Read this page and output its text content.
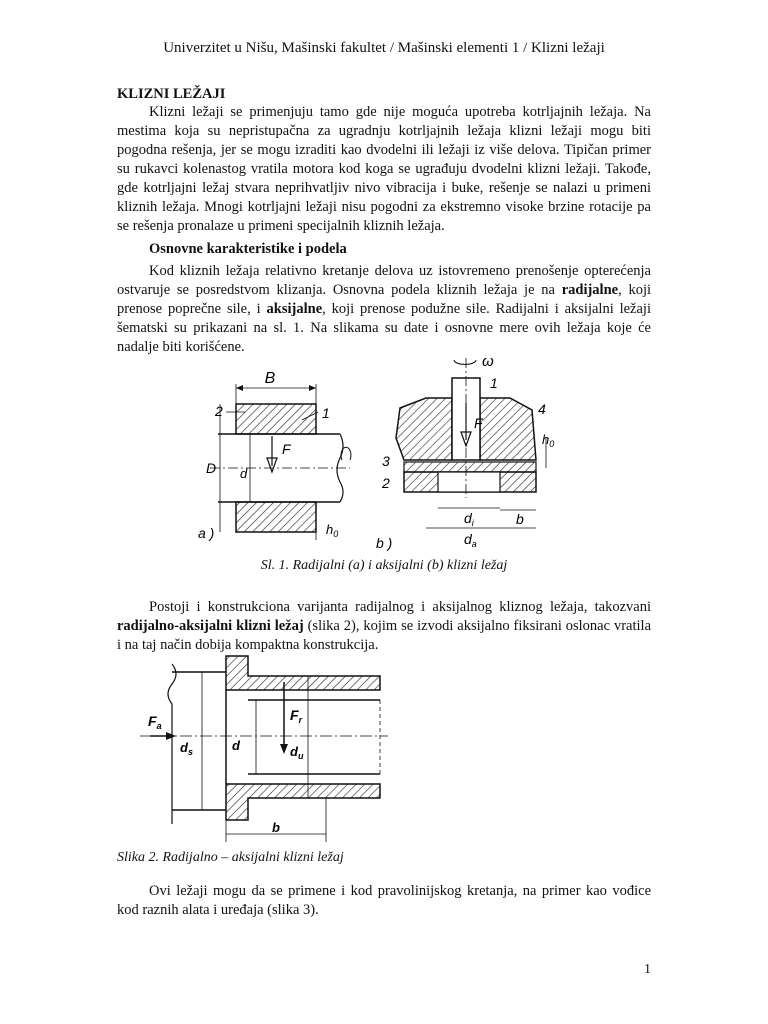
Univerzitet u Nišu, Mašinski fakultet / Mašinski elementi 1 / Klizni ležaji
KLIZNI LEŽAJI

Klizni ležaji se primenjuju tamo gde nije moguća upotreba kotrljajnih ležaja. Na mestima koja su nepristupačna za ugradnju kotrljajnih ležaja klizni ležaji mogu biti pogodna rešenja, jer se mogu izraditi kao dvodelni ili ležaji iz više delova. Tipičan primer su rukavci kolenastog vratila motora kod koga se ugrađuju dvodelni klizni ležaji. Takođe, gde kotrljajni ležaj stvara neprihvatljiv nivo vibracija i buke, rešenje se nalazi u primeni kliznih ležaja. Mnogi kotrljajni ležaji nisu pogodni za ekstremno visoke brzine rotacije pa se rešenja pronalaze u primeni specijalnih kliznih ležaja.

Osnovne karakteristike i podela

Kod kliznih ležaja relativno kretanje delova uz istovremeno prenošenje opterećenja ostvaruje se posredstvom klizanja. Osnovna podela kliznih ležaja je na radijalne, koji prenose poprečne sile, i aksijalne, koji prenose podužne sile. Radijalni i aksijalni ležaji šematski su prikazani na sl. 1. Na slikama su date i osnovne mere ovih ležaja koje će nadalje biti korišćene.

B
2	1
F
D d
$h_0$
a )
ω
1
4
F
$h_0$
3
2
$d_i$	b
$d_a$
b )
Sl. 1. Radijalni (a) i aksijalni (b) klizni ležaj

Postoji i konstrukciona varijanta radijalnog i aksijalnog kliznog ležaja, takozvani radijalno-aksijalni klizni ležaj (slika 2), kojim se izvodi aksijalno fiksirani oslonac vratila i na taj način dobija kompaktna konstrukcija.

$F_a$
$F_r$
$d_s$	d	$d_u$
b
Slika 2. Radijalno – aksijalni klizni ležaj

Ovi ležaji mogu da se primene i kod pravolinijskog kretanja, na primer kao vođice kod raznih alata i uređaja (slika 3).

1
